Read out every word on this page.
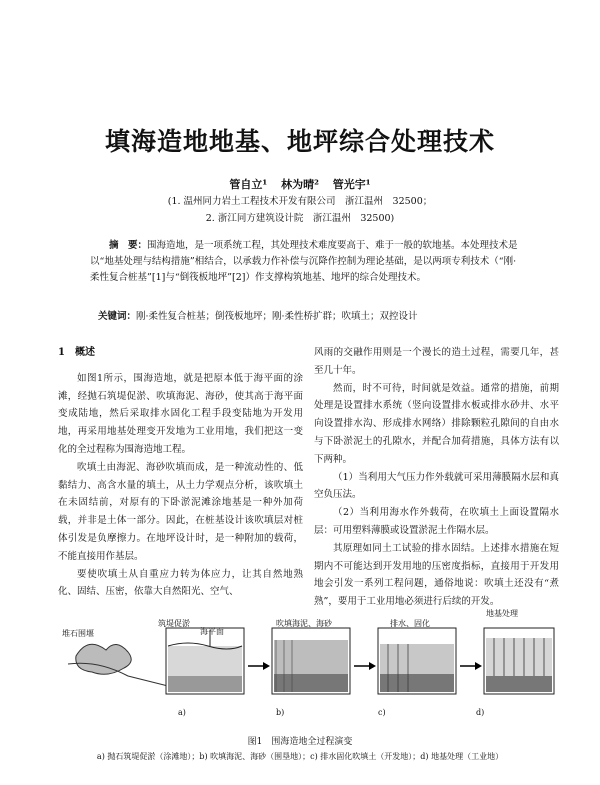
填海造地地基、地坪综合处理技术
管自立¹ 林为晴² 管光宇¹
(1. 温州同力岩土工程技术开发有限公司　浙江温州　32500；
2. 浙江同方建筑设计院　浙江温州　32500)

摘　要：围海造地，是一项系统工程，其处理技术难度要高于、难于一般的软地基。本处理技术是以“地基处理与结构措施”相结合，以承载力作补偿与沉降作控制为理论基础，是以两项专利技术（“刚·柔性复合桩基”[1]与“倒筏板地坪”[2]）作支撑构筑地基、地坪的综合处理技术。

关键词：刚·柔性复合桩基；倒筏板地坪；刚·柔性桥扩群；吹填土；双控设计
1　概述

如图1所示，围海造地，就是把原本低于海平面的涂滩，经抛石筑堤促淤、吹填海泥、海砂，使其高于海平面变成陆地，然后采取排水固化工程手段变陆地为开发用地，再采用地基处理变开发地为工业用地，我们把这一变化的全过程称为围海造地工程。

吹填土由海泥、海砂吹填而成，是一种流动性的、低黏结力、高含水量的填土，从土力学观点分析，该吹填土在未固结前，对原有的下卧淤泥滩涂地基是一种外加荷载，并非是土体一部分。因此，在桩基设计该吹填层对桩体引发是负摩擦力。在地坪设计时，是一种附加的载荷，不能直接用作基层。

要使吹填土从自重应力转为体应力，让其自然地熟化、固结、压密，依靠大自然阳光、空气、

风雨的交融作用则是一个漫长的造土过程，需要几年，甚至几十年。

然而，时不可待，时间就是效益。通常的措施，前期处理是设置排水系统（竖向设置排水板或排水砂井、水平向设置排水沟、形成排水网络）排除颗粒孔隙间的自由水与下卧淤泥土的孔隙水，并配合加荷措施，具体方法有以下两种。

（1）当利用大气压力作外载就可采用薄膜隔水层和真空负压法。

（2）当利用海水作外载荷，在吹填土上面设置隔水层：可用塑料薄膜或设置淤泥土作隔水层。

其原理如同土工试验的排水固结。上述排水措施在短期内不可能达到开发用地的压密度指标，直接用于开发用地会引发一系列工程问题，通俗地说：吹填土还没有“煮熟”，要用于工业用地必须进行后续的开发。

筑堤促淤
海平面
吹填海泥、海砂	排水、固化
地基处理
堆石围堰
a)	b)	c)	d)
图1　围海造地全过程演变
a) 抛石筑堤促淤（涂滩地）；b) 吹填海泥、海砂（围垦地）；c) 排水固化吹填土（开发地）；d) 地基处理（工业地）
